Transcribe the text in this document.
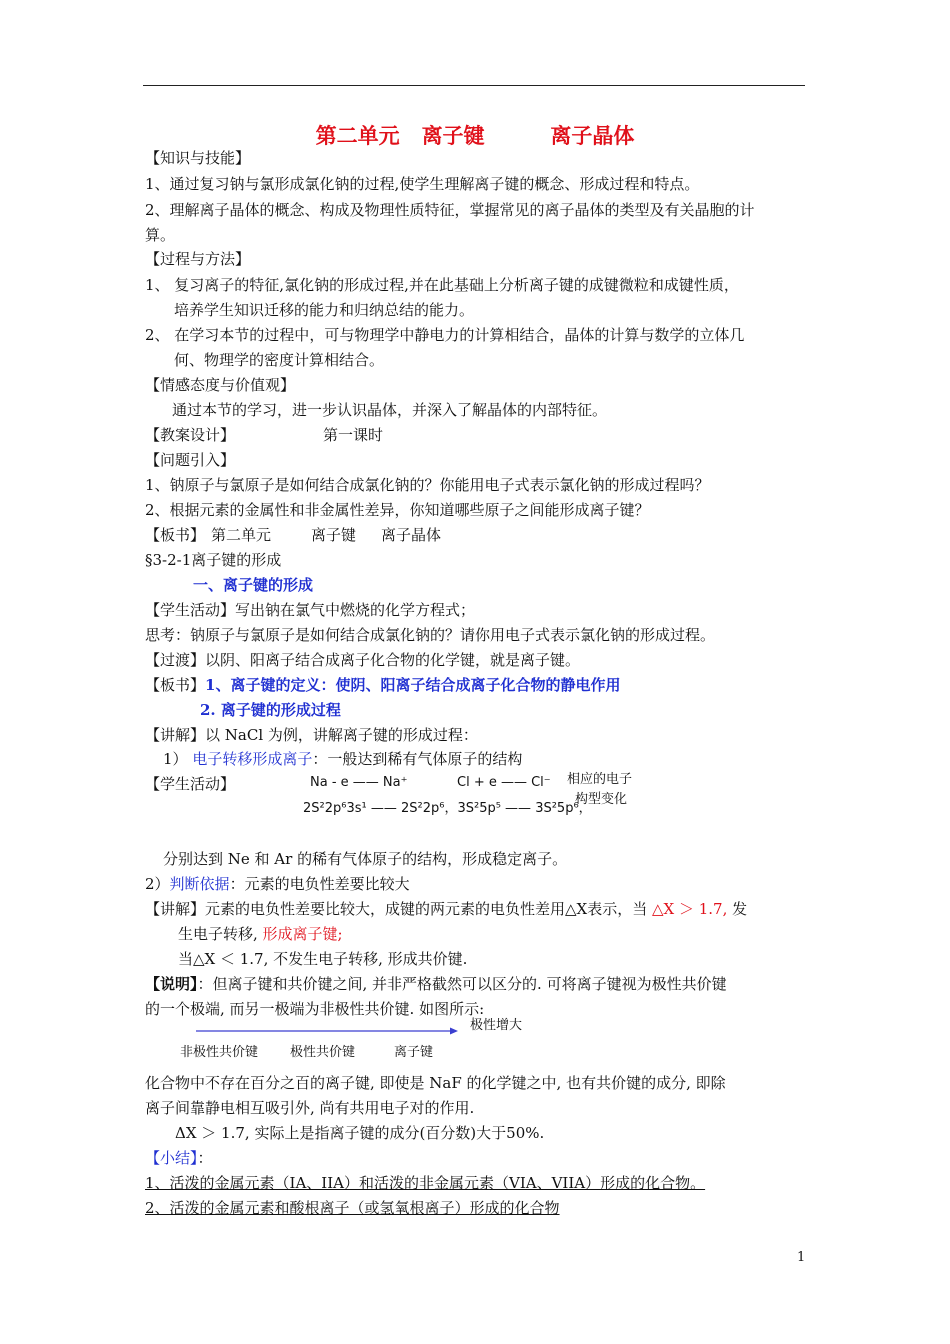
第二单元 离子键	离子晶体
【知识与技能】
1、通过复习钠与氯形成氯化钠的过程,使学生理解离子键的概念、形成过程和特点。
2、理解离子晶体的概念、构成及物理性质特征，掌握常见的离子晶体的类型及有关晶胞的计
算。
【过程与方法】
1、 复习离子的特征,氯化钠的形成过程,并在此基础上分析离子键的成键微粒和成键性质，
培养学生知识迁移的能力和归纳总结的能力。
2、 在学习本节的过程中，可与物理学中静电力的计算相结合，晶体的计算与数学的立体几
何、物理学的密度计算相结合。
【情感态度与价值观】
通过本节的学习，进一步认识晶体，并深入了解晶体的内部特征。
【教案设计】	第一课时
【问题引入】
1、钠原子与氯原子是如何结合成氯化钠的？你能用电子式表示氯化钠的形成过程吗？
2、根据元素的金属性和非金属性差异，你知道哪些原子之间能形成离子键？
【板书】 第二单元	离子键 离子晶体
§3-2-1离子键的形成
一、离子键的形成
【学生活动】写出钠在氯气中燃烧的化学方程式；
思考：钠原子与氯原子是如何结合成氯化钠的？请你用电子式表示氯化钠的形成过程。
【过渡】以阴、阳离子结合成离子化合物的化学键，就是离子键。
【板书】1、离子键的定义：使阴、阳离子结合成离子化合物的静电作用
2. 离子键的形成过程
【讲解】以 NaCl 为例，讲解离子键的形成过程：
1） 电子转移形成离子：一般达到稀有气体原子的结构
【学生活动】	Na - e —— Na⁺	Cl + e —— Cl⁻ 相应的电子
构型变化
2S²2p⁶3s¹ —— 2S²2p⁶，3S²5p⁵ —— 3S²5p⁶，
分别达到 Ne 和 Ar 的稀有气体原子的结构，形成稳定离子。
2）判断依据：元素的电负性差要比较大
【讲解】元素的电负性差要比较大，成键的两元素的电负性差用△X表示，当 △X ＞ 1.7, 发
生电子转移, 形成离子键;
当△X ＜ 1.7, 不发生电子转移, 形成共价键.
【说明】：但离子键和共价键之间, 并非严格截然可以区分的. 可将离子键视为极性共价键
的一个极端, 而另一极端为非极性共价键. 如图所示:
极性增大
非极性共价键 极性共价键	离子键
化合物中不存在百分之百的离子键, 即使是 NaF 的化学键之中, 也有共价键的成分, 即除
离子间靠静电相互吸引外, 尚有共用电子对的作用.
ΔX ＞ 1.7, 实际上是指离子键的成分(百分数)大于50%.
【小结】：
1、活泼的金属元素（IA、IIA）和活泼的非金属元素（VIA、VIIA）形成的化合物。
2、活泼的金属元素和酸根离子（或氢氧根离子）形成的化合物
1
